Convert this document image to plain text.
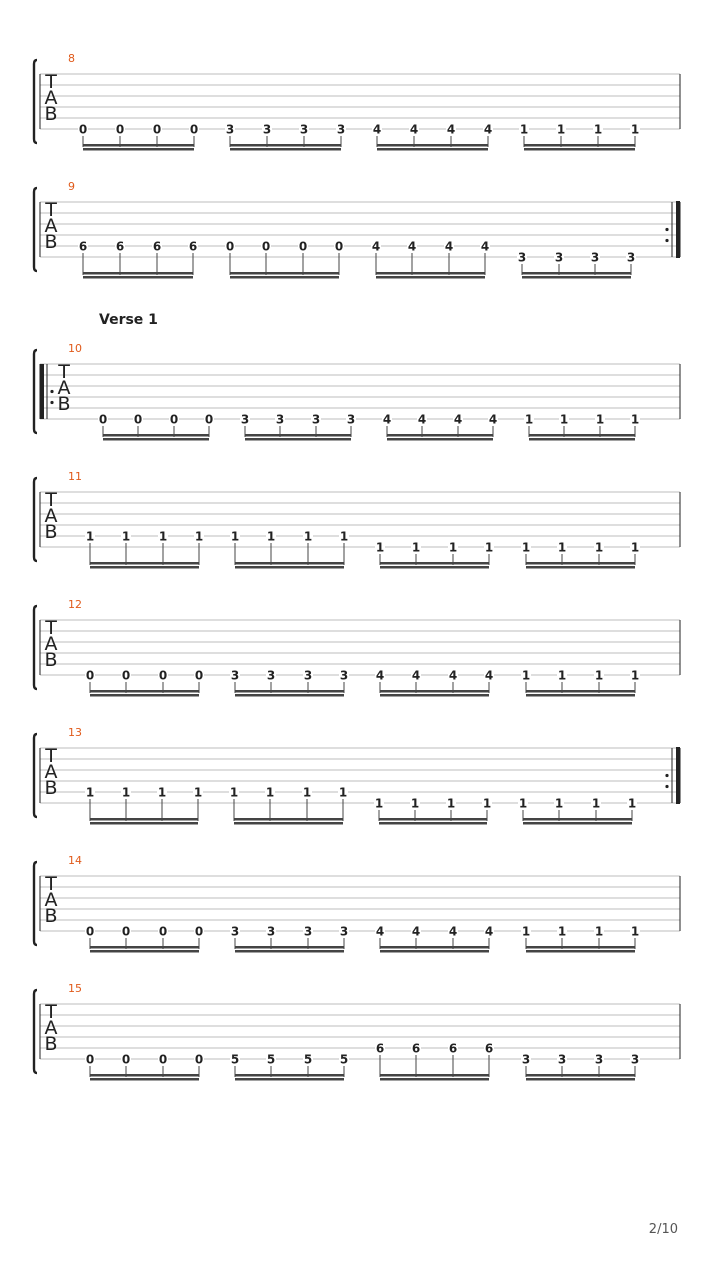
T
A
B
8
0 0 0 0 3 3 3 3 4 4 4 4 1 1 1 1
T
A
B
9
6 6 6 6 0 0 0 0 4 4 4 4
3 3 3 3
T
A
B
10
Verse 1
0 0 0 0 3 3 3 3 4 4 4 4 1 1 1 1
T
A
B
11
1 1 1 1 1 1 1 1
1 1 1 1 1 1 1 1
T
A
B
12
0 0 0 0 3 3 3 3 4 4 4 4 1 1 1 1
T
A
B
13
1 1 1 1 1 1 1 1
1 1 1 1 1 1 1 1
T
A
B
14
0 0 0 0 3 3 3 3 4 4 4 4 1 1 1 1
T
A
B
15
0 0 0 0 5 5 5 5
6 6 6 6
3 3 3 3
2/10
